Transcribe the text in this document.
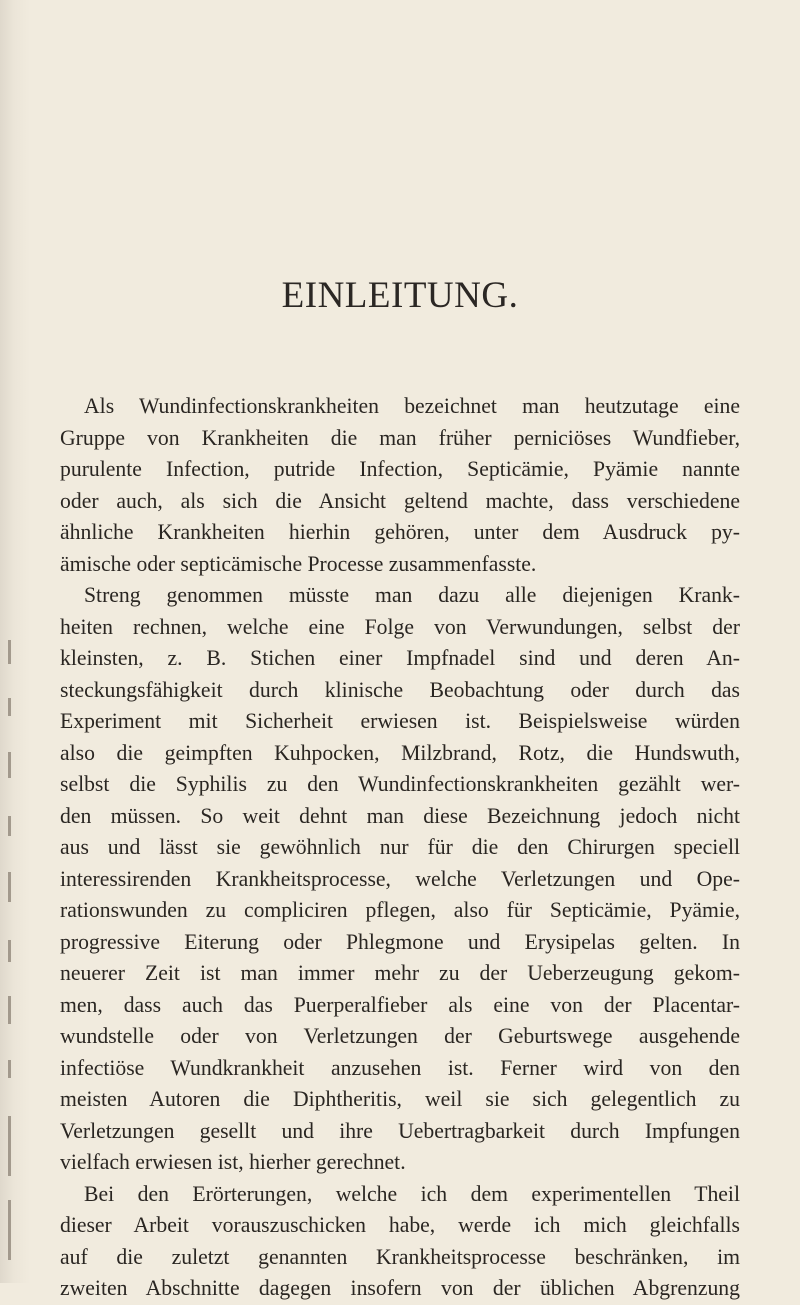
EINLEITUNG.
Als Wundinfectionskrankheiten bezeichnet man heutzutage eine
Gruppe von Krankheiten die man früher perniciöses Wundfieber,
purulente Infection, putride Infection, Septicämie, Pyämie nannte
oder auch, als sich die Ansicht geltend machte, dass verschiedene
ähnliche Krankheiten hierhin gehören, unter dem Ausdruck py-
ämische oder septicämische Processe zusammenfasste.
Streng genommen müsste man dazu alle diejenigen Krank-
heiten rechnen, welche eine Folge von Verwundungen, selbst der
kleinsten, z. B. Stichen einer Impfnadel sind und deren An-
steckungsfähigkeit durch klinische Beobachtung oder durch das
Experiment mit Sicherheit erwiesen ist. Beispielsweise würden
also die geimpften Kuhpocken, Milzbrand, Rotz, die Hundswuth,
selbst die Syphilis zu den Wundinfectionskrankheiten gezählt wer-
den müssen. So weit dehnt man diese Bezeichnung jedoch nicht
aus und lässt sie gewöhnlich nur für die den Chirurgen speciell
interessirenden Krankheitsprocesse, welche Verletzungen und Ope-
rationswunden zu compliciren pflegen, also für Septicämie, Pyämie,
progressive Eiterung oder Phlegmone und Erysipelas gelten. In
neuerer Zeit ist man immer mehr zu der Ueberzeugung gekom-
men, dass auch das Puerperalfieber als eine von der Placentar-
wundstelle oder von Verletzungen der Geburtswege ausgehende
infectiöse Wundkrankheit anzusehen ist. Ferner wird von den
meisten Autoren die Diphtheritis, weil sie sich gelegentlich zu
Verletzungen gesellt und ihre Uebertragbarkeit durch Impfungen
vielfach erwiesen ist, hierher gerechnet.
Bei den Erörterungen, welche ich dem experimentellen Theil
dieser Arbeit vorauszuschicken habe, werde ich mich gleichfalls
auf die zuletzt genannten Krankheitsprocesse beschränken, im
zweiten Abschnitte dagegen insofern von der üblichen Abgrenzung
